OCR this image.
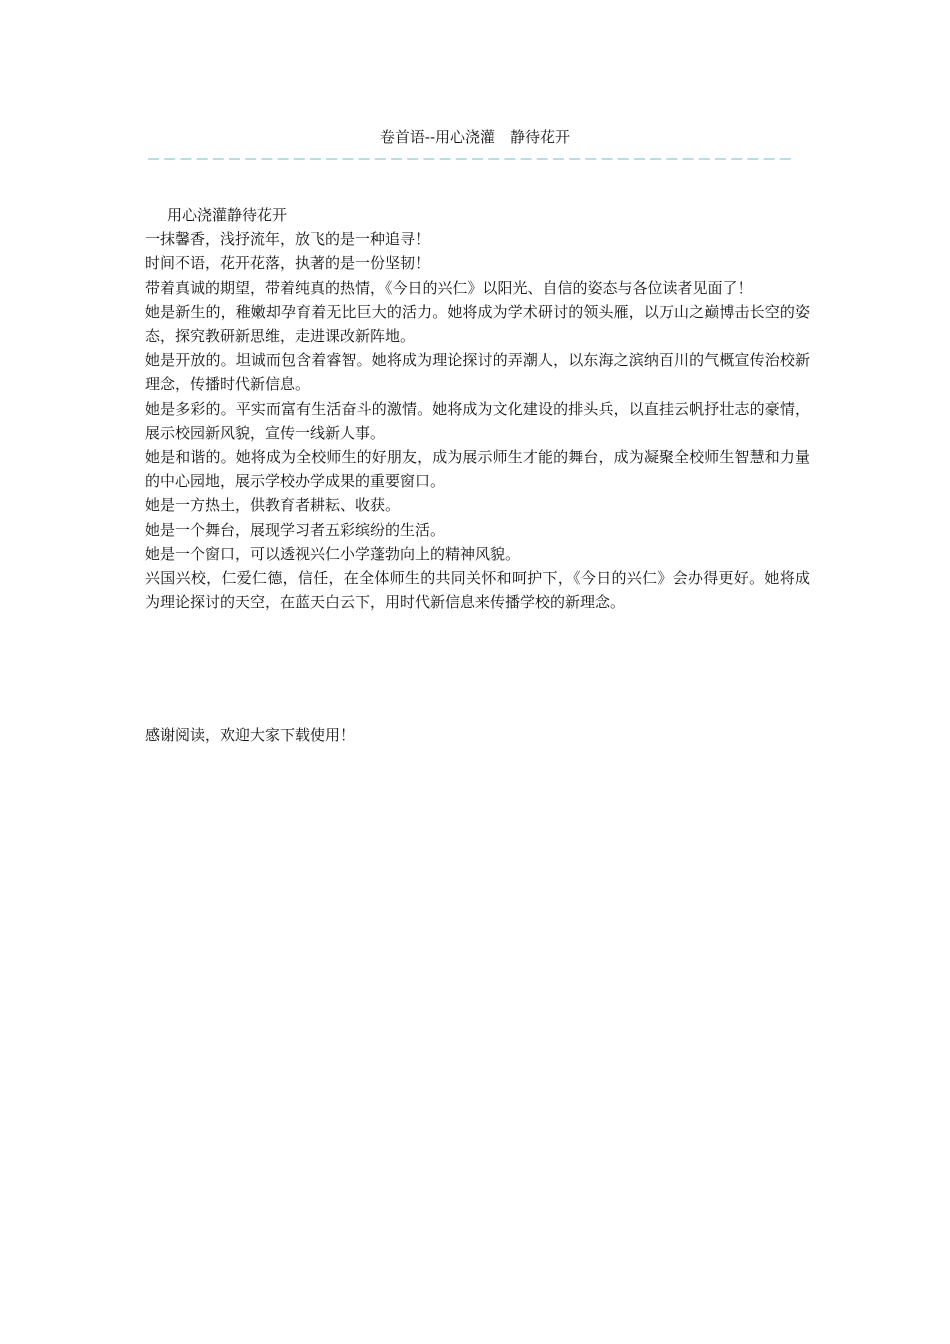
卷首语--用心浇灌　静待花开

用心浇灌静待花开

一抹馨香，浅抒流年，放飞的是一种追寻！

时间不语，花开花落，执著的是一份坚韧！

带着真诚的期望，带着纯真的热情，《今日的兴仁》以阳光、自信的姿态与各位读者见面了！

她是新生的，稚嫩却孕育着无比巨大的活力。她将成为学术研讨的领头雁，以万山之巅博击长空的姿态，探究教研新思维，走进课改新阵地。

她是开放的。坦诚而包含着睿智。她将成为理论探讨的弄潮人，以东海之滨纳百川的气概宣传治校新理念，传播时代新信息。

她是多彩的。平实而富有生活奋斗的激情。她将成为文化建设的排头兵，以直挂云帆抒壮志的豪情，展示校园新风貌，宣传一线新人事。

她是和谐的。她将成为全校师生的好朋友，成为展示师生才能的舞台，成为凝聚全校师生智慧和力量的中心园地，展示学校办学成果的重要窗口。

她是一方热土，供教育者耕耘、收获。

她是一个舞台，展现学习者五彩缤纷的生活。

她是一个窗口，可以透视兴仁小学蓬勃向上的精神风貌。

兴国兴校，仁爱仁德，信任，在全体师生的共同关怀和呵护下，《今日的兴仁》会办得更好。她将成为理论探讨的天空，在蓝天白云下，用时代新信息来传播学校的新理念。

感谢阅读，欢迎大家下载使用！
